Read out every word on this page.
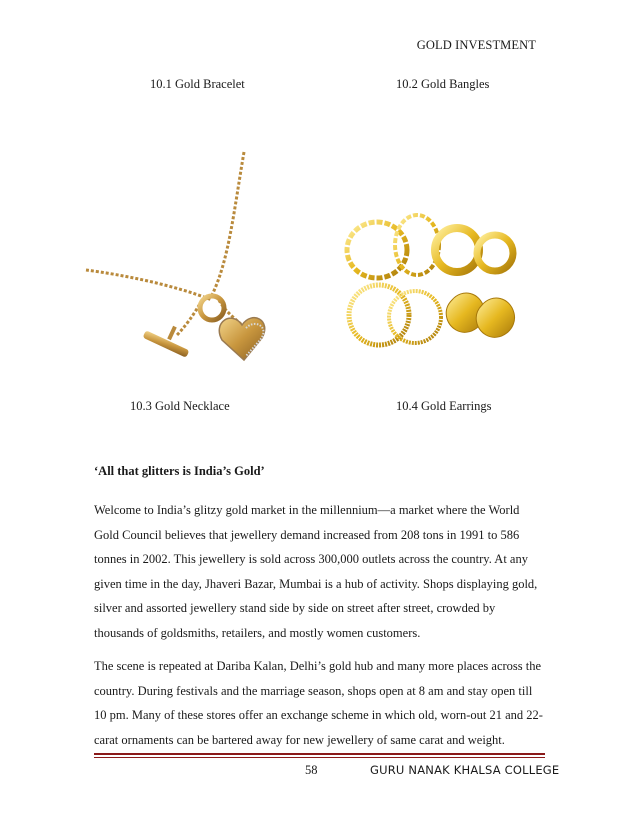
GOLD INVESTMENT
10.1 Gold Bracelet	10.2 Gold Bangles
10.3 Gold Necklace	10.4 Gold Earrings
‘All that glitters is India’s Gold’
Welcome to India’s glitzy gold market in the millennium—a market where the World
Gold Council believes that jewellery demand increased from 208 tons in 1991 to 586
tonnes in 2002. This jewellery is sold across 300,000 outlets across the country. At any
given time in the day, Jhaveri Bazar, Mumbai is a hub of activity. Shops displaying gold,
silver and assorted jewellery stand side by side on street after street, crowded by
thousands of goldsmiths, retailers, and mostly women customers.
The scene is repeated at Dariba Kalan, Delhi’s gold hub and many more places across the
country. During festivals and the marriage season, shops open at 8 am and stay open till
10 pm. Many of these stores offer an exchange scheme in which old, worn-out 21 and 22-
carat ornaments can be bartered away for new jewellery of same carat and weight.
58	GURU NANAK KHALSA COLLEGE
